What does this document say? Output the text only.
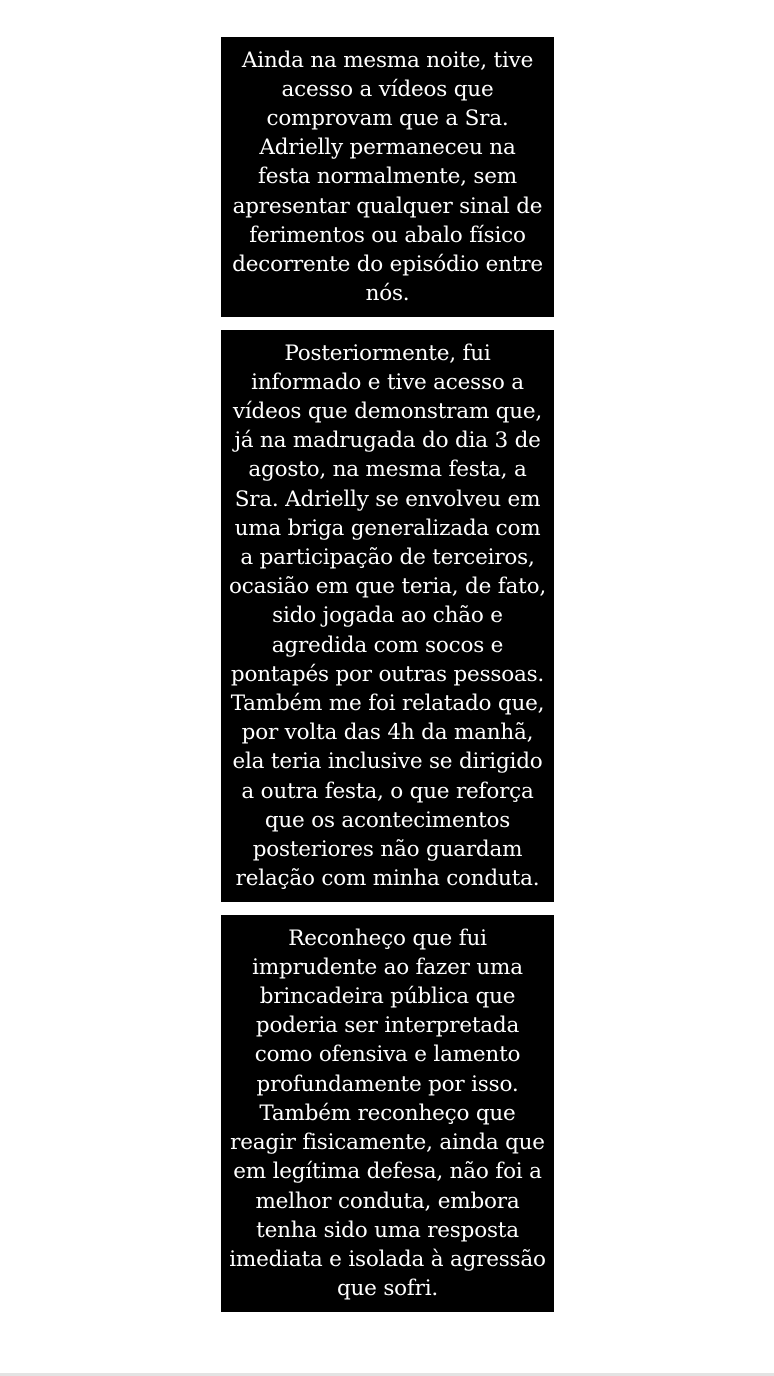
Ainda na mesma noite, tive
acesso a vídeos que
comprovam que a Sra.
Adrielly permaneceu na
festa normalmente, sem
apresentar qualquer sinal de
ferimentos ou abalo físico
decorrente do episódio entre
nós.

Posteriormente, fui
informado e tive acesso a
vídeos que demonstram que,
já na madrugada do dia 3 de
agosto, na mesma festa, a
Sra. Adrielly se envolveu em
uma briga generalizada com
a participação de terceiros,
ocasião em que teria, de fato,
sido jogada ao chão e
agredida com socos e
pontapés por outras pessoas.
Também me foi relatado que,
por volta das 4h da manhã,
ela teria inclusive se dirigido
a outra festa, o que reforça
que os acontecimentos
posteriores não guardam
relação com minha conduta.

Reconheço que fui
imprudente ao fazer uma
brincadeira pública que
poderia ser interpretada
como ofensiva e lamento
profundamente por isso.
Também reconheço que
reagir fisicamente, ainda que
em legítima defesa, não foi a
melhor conduta, embora
tenha sido uma resposta
imediata e isolada à agressão
que sofri.
